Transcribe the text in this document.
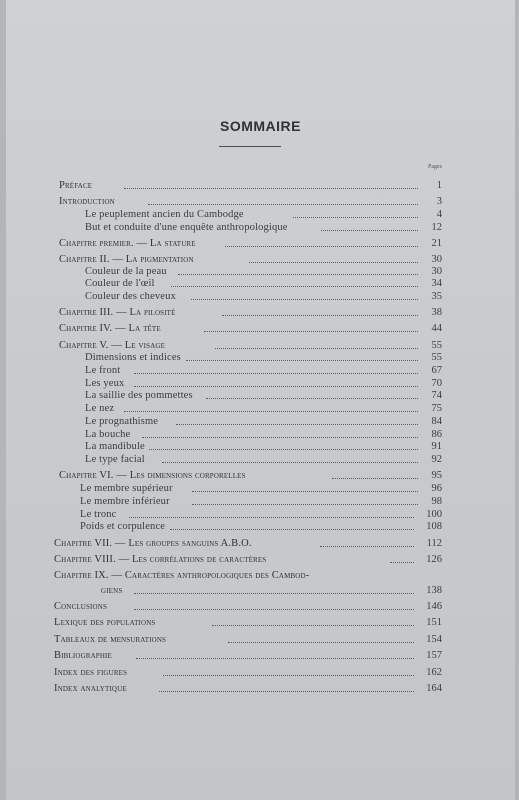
SOMMAIRE
Pages
Préface	1
Introduction	3
Le peuplement ancien du Cambodge	4
But et conduite d'une enquête anthropologique	12
Chapitre premier. — La stature	21
Chapitre II. — La pigmentation	30
Couleur de la peau	30
Couleur de l'œil	34
Couleur des cheveux	35
Chapitre III. — La pilosité	38
Chapitre IV. — La tête	44
Chapitre V. — Le visage	55
Dimensions et indices	55
Le front	67
Les yeux	70
La saillie des pommettes	74
Le nez	75
Le prognathisme	84
La bouche	86
La mandibule	91
Le type facial	92
Chapitre VI. — Les dimensions corporelles	95
Le membre supérieur	96
Le membre inférieur	98
Le tronc	100
Poids et corpulence	108
Chapitre VII. — Les groupes sanguins A.B.O.	112
Chapitre VIII. — Les corrélations de caractères	126
Chapitre IX. — Caractères anthropologiques des Cambod-
giens	138
Conclusions	146
Lexique des populations	151
Tableaux de mensurations	154
Bibliographie	157
Index des figures	162
Index analytique	164
